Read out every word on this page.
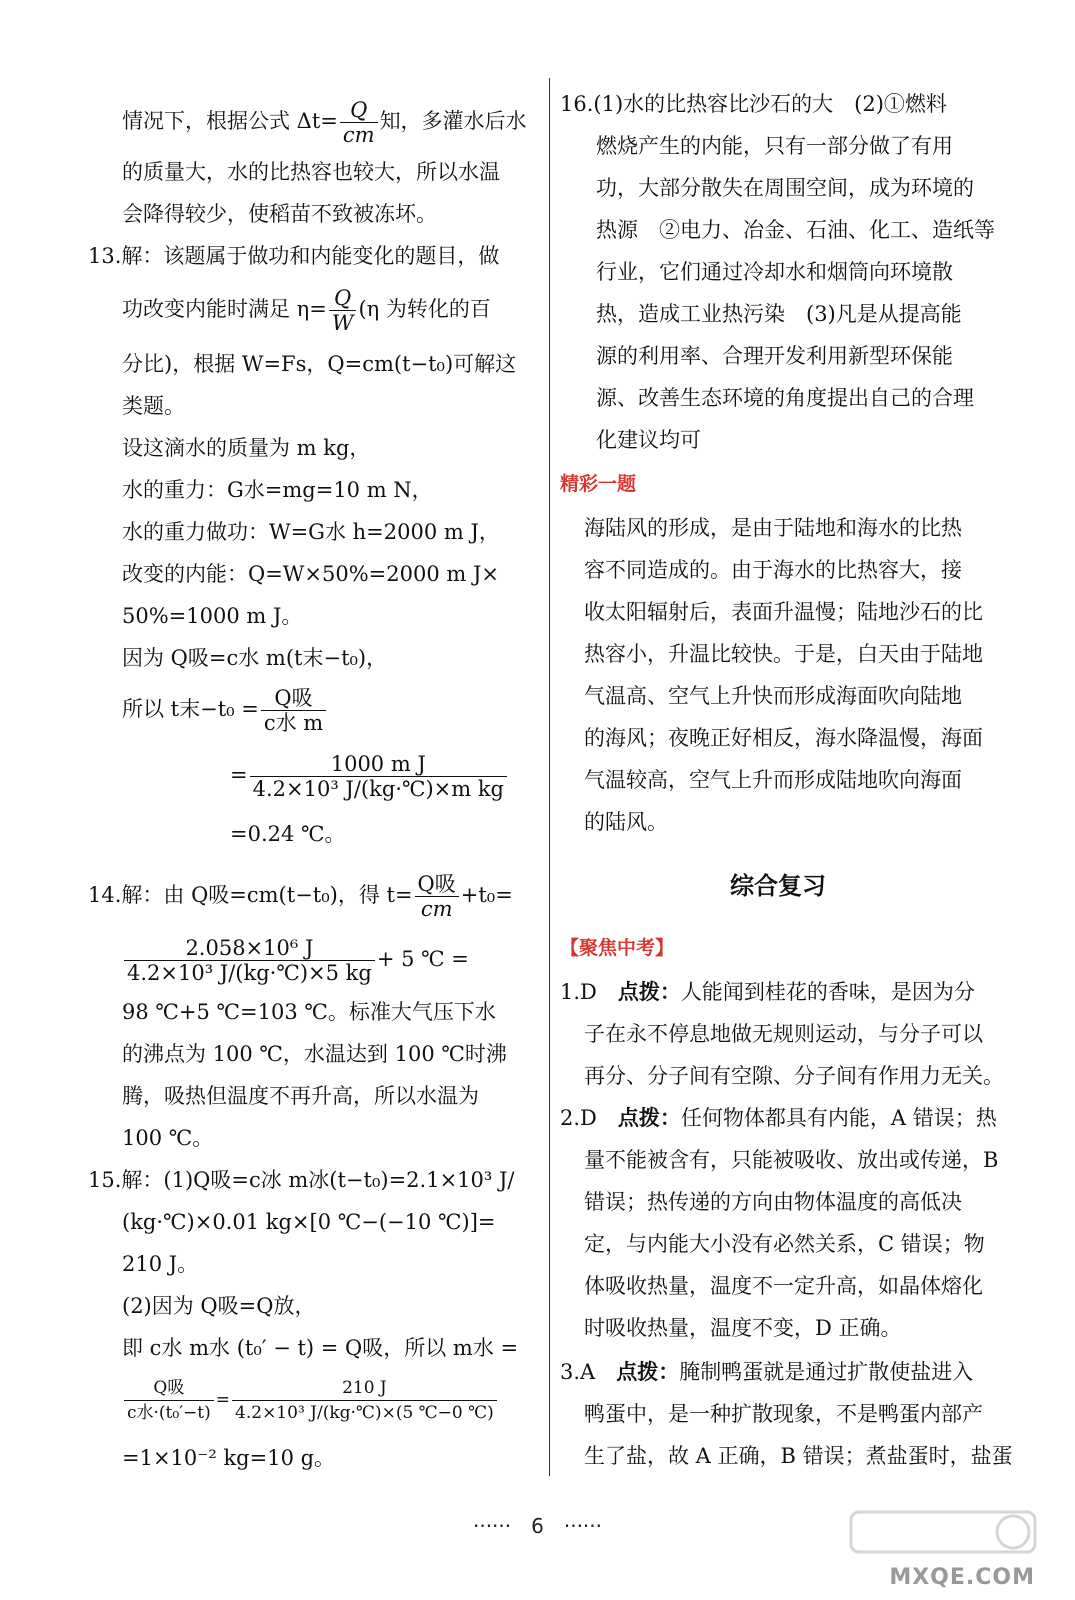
情况下，根据公式 $\Delta t= \frac{Q}{cm}$ 知，多灌水后水
的质量大，水的比热容也较大，所以水温
会降得较少，使稻苗不致被冻坏。
13.解：该题属于做功和内能变化的题目，做
功改变内能时满足 $\eta= \frac{Q}{W} (\eta$ 为转化的百
分比)，根据 W=Fs，Q=cm(t−t₀)可解这
类题。
设这滴水的质量为 m kg，
水的重力：G水=mg=10 m N，
水的重力做功：W=G水 h=2000 m J，
改变的内能：Q=W×50%=2000 m J×
50%=1000 m J。
因为 Q吸=c水 m(t末−t₀)，
所以 t末$-t_0 = \frac{\text{Q吸}}{\text{c水 m}}$
= $\frac{\text{1000 m J}}{\text{4.2×10³ J/(kg·℃)×m kg}}$
=0.24 ℃。
14.解：由 Q吸=cm(t−t₀)，得 $t= \frac{\text{Q吸}}{cm} +t_0=$
$\frac{\text{2.058×10⁶ J}}{\text{4.2×10³ J/(kg·℃)×5 kg}} + 5$ ℃ =
98 ℃+5 ℃=103 ℃。标准大气压下水
的沸点为 100 ℃，水温达到 100 ℃时沸
腾，吸热但温度不再升高，所以水温为
100 ℃。
15.解：(1)Q吸=c冰 m冰(t−t₀)=2.1×10³ J/
(kg·℃)×0.01 kg×[0 ℃−(−10 ℃)]=
210 J。
(2)因为 Q吸=Q放，
即 c水 m水 (t₀′ − t) = Q吸，所以 m水 =
$\frac{\text{Q吸}}{\text{c水·(t₀′−t)}} = \frac{210 J}{\text{4.2×10³ J/(kg·℃)×(5 ℃−0 ℃)}}$
=1×10⁻² kg=10 g。
16.(1)水的比热容比沙石的大　(2)①燃料
燃烧产生的内能，只有一部分做了有用
功，大部分散失在周围空间，成为环境的
热源　②电力、冶金、石油、化工、造纸等
行业，它们通过冷却水和烟筒向环境散
热，造成工业热污染　(3)凡是从提高能
源的利用率、合理开发利用新型环保能
源、改善生态环境的角度提出自己的合理
化建议均可
精彩一题
海陆风的形成，是由于陆地和海水的比热
容不同造成的。由于海水的比热容大，接
收太阳辐射后，表面升温慢；陆地沙石的比
热容小，升温比较快。于是，白天由于陆地
气温高、空气上升快而形成海面吹向陆地
的海风；夜晚正好相反，海水降温慢，海面
气温较高，空气上升而形成陆地吹向海面
的陆风。
综合复习
【聚焦中考】
1.D　点拨：人能闻到桂花的香味，是因为分
子在永不停息地做无规则运动，与分子可以
再分、分子间有空隙、分子间有作用力无关。
2.D　点拨：任何物体都具有内能，A 错误；热
量不能被含有，只能被吸收、放出或传递，B
错误；热传递的方向由物体温度的高低决
定，与内能大小没有必然关系，C 错误；物
体吸收热量，温度不一定升高，如晶体熔化
时吸收热量，温度不变，D 正确。
3.A　点拨：腌制鸭蛋就是通过扩散使盐进入
鸭蛋中，是一种扩散现象，不是鸭蛋内部产
生了盐，故 A 正确，B 错误；煮盐蛋时，盐蛋
······　6　······
MXQE.COM
